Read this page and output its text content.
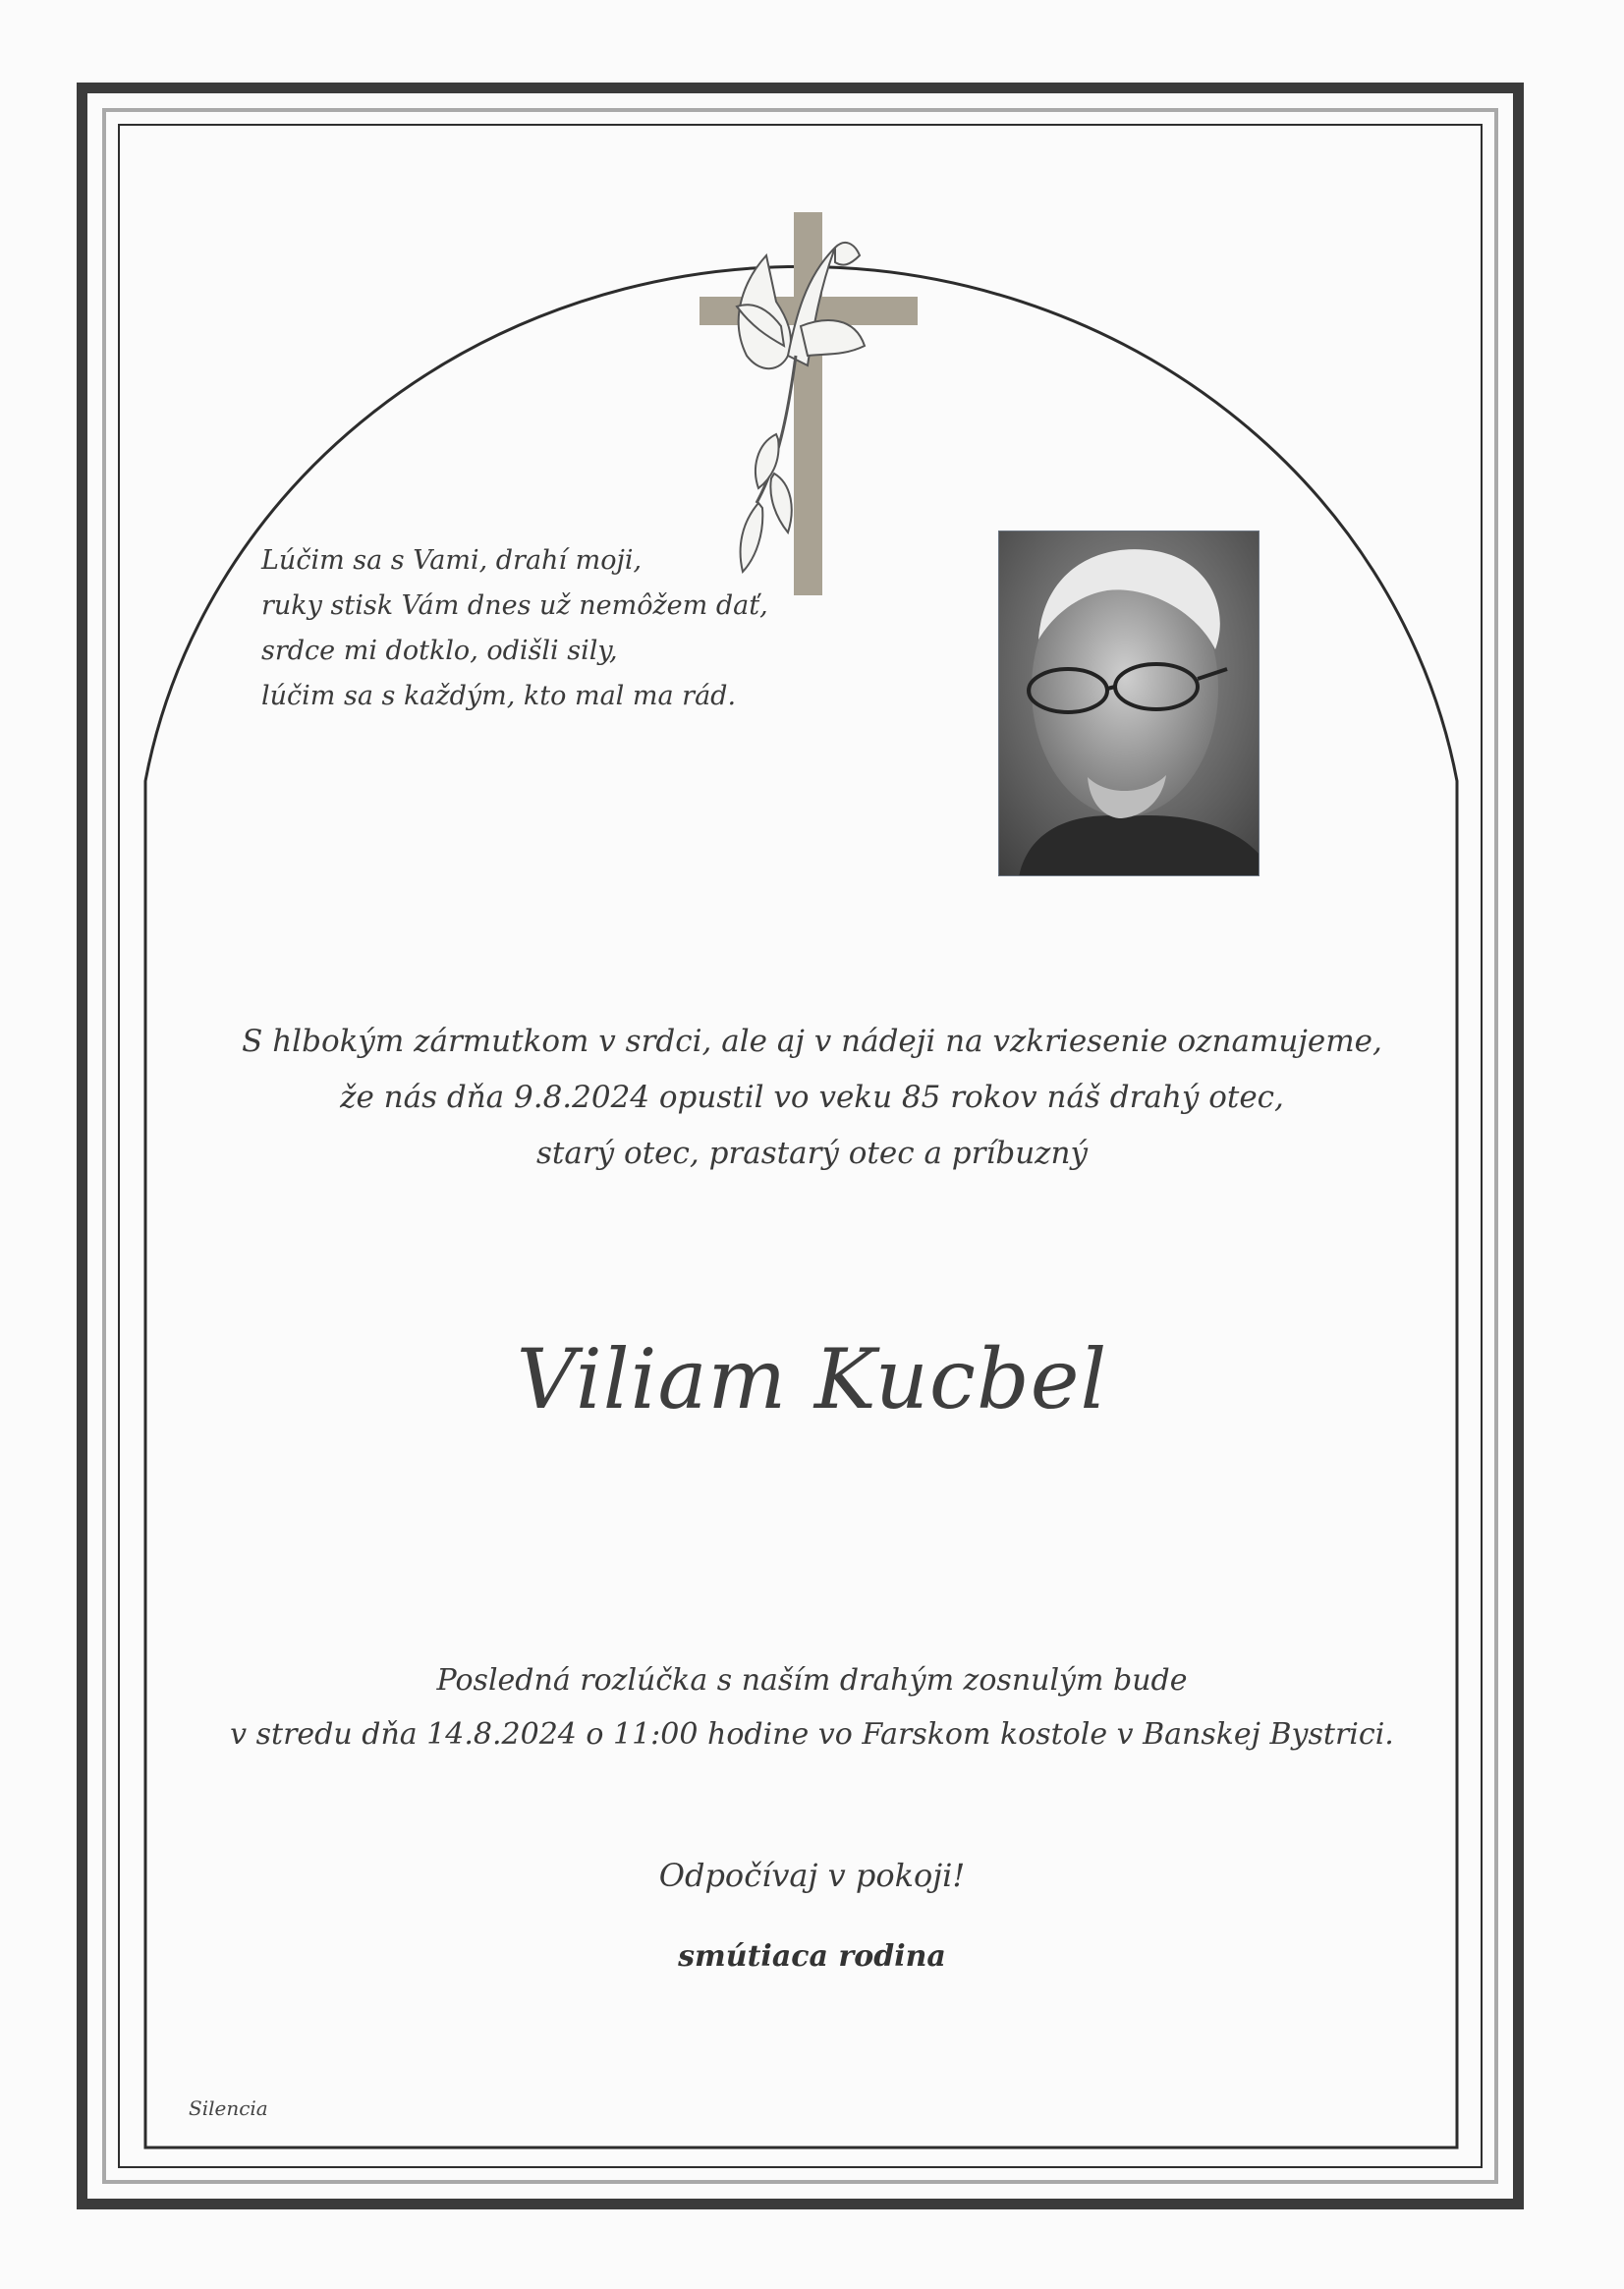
Lúčim sa s Vami, drahí moji,
ruky stisk Vám dnes už nemôžem dať,
srdce mi dotklo, odišli sily,
lúčim sa s každým, kto mal ma rád.
S hlbokým zármutkom v srdci, ale aj v nádeji na vzkriesenie oznamujeme,
že nás dňa 9.8.2024 opustil vo veku 85 rokov náš drahý otec,
starý otec, prastarý otec a príbuzný
Viliam Kucbel
Posledná rozlúčka s naším drahým zosnulým bude
v stredu dňa 14.8.2024 o 11:00 hodine vo Farskom kostole v Banskej Bystrici.
Odpočívaj v pokoji!
smútiaca rodina
Silencia
